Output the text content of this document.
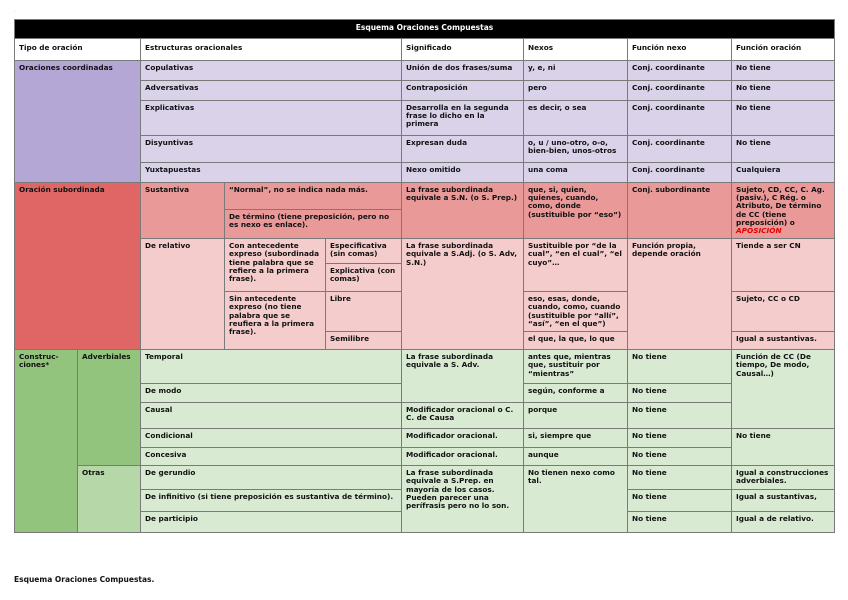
.
Esquema Oraciones Compuestas								
Tipo de oración		Estructuras oracionales			Significado	Nexos	Función nexo	Función oración
Oraciones coordinadas		Copulativas			Unión de dos frases/suma	y, e, ni	Conj. coordinante	No tiene
		Adversativas			Contraposición	pero	Conj. coordinante	No tiene
		Explicativas			Desarrolla en la segunda frase lo dicho en la primera	es decir, o sea	Conj. coordinante	No tiene
		Disyuntivas			Expresan duda	o, u / uno-otro, o-o, bien-bien, unos-otros	Conj. coordinante	No tiene
		Yuxtapuestas			Nexo omitido	una coma	Conj. coordinante	Cualquiera
Oración subordinada		Sustantiva	“Normal”, no se indica nada más.		La frase subordinada equivale a S.N. (o S. Prep.)	que, si, quien, quienes, cuando, como, donde (sustituible por “eso”)	Conj. subordinante	Sujeto, CD, CC, C. Ag. (pasiv.), C Rég. o Atributo, De término de CC (tiene preposición) o APOSICIÓN
			De término (tiene preposición, pero no es nexo es enlace).					
		De relativo	Con antecedente expreso (subordinada tiene palabra que se refiere a la primera frase).	Especificativa (sin comas)	La frase subordinada equivale a S.Adj. (o S. Adv, S.N.)	Sustituible por “de la cual”, “en el cual”, “el cuyo”…	Función propia, depende oración	Tiende a ser CN
				Explicativa (con comas)				
			Sin antecedente expreso (no tiene palabra que se reufiera a la primera frase).	Libre		eso, esas, donde, cuando, como, cuando (sustituible por “allí”, “así”, “en el que”)		Sujeto, CC o CD
				Semilibre		el que, la que, lo que		Igual a sustantivas.
Construc-ciones*	Adverbiales	Temporal			La frase subordinada equivale a S. Adv.	antes que, mientras que, sustituir por “mientras”	No tiene	Función de CC (De tiempo, De modo, Causal…)
		De modo				según, conforme a	No tiene	
		Causal			Modificador oracional o C. C. de Causa	porque	No tiene	
		Condicional			Modificador oracional.	si, siempre que	No tiene	No tiene
		Concesiva			Modificador oracional.	aunque	No tiene	
	Otras	De gerundio			La frase subordinada equivale a S.Prep. en mayoría de los casos. Pueden parecer una perífrasis pero no lo son.	No tienen nexo como tal.	No tiene	Igual a construcciones adverbiales.
		De infinitivo (si tiene preposición es sustantiva de término).					No tiene	Igual a sustantivas,
		De participio					No tiene	Igual a de relativo.
Esquema Oraciones Compuestas.
